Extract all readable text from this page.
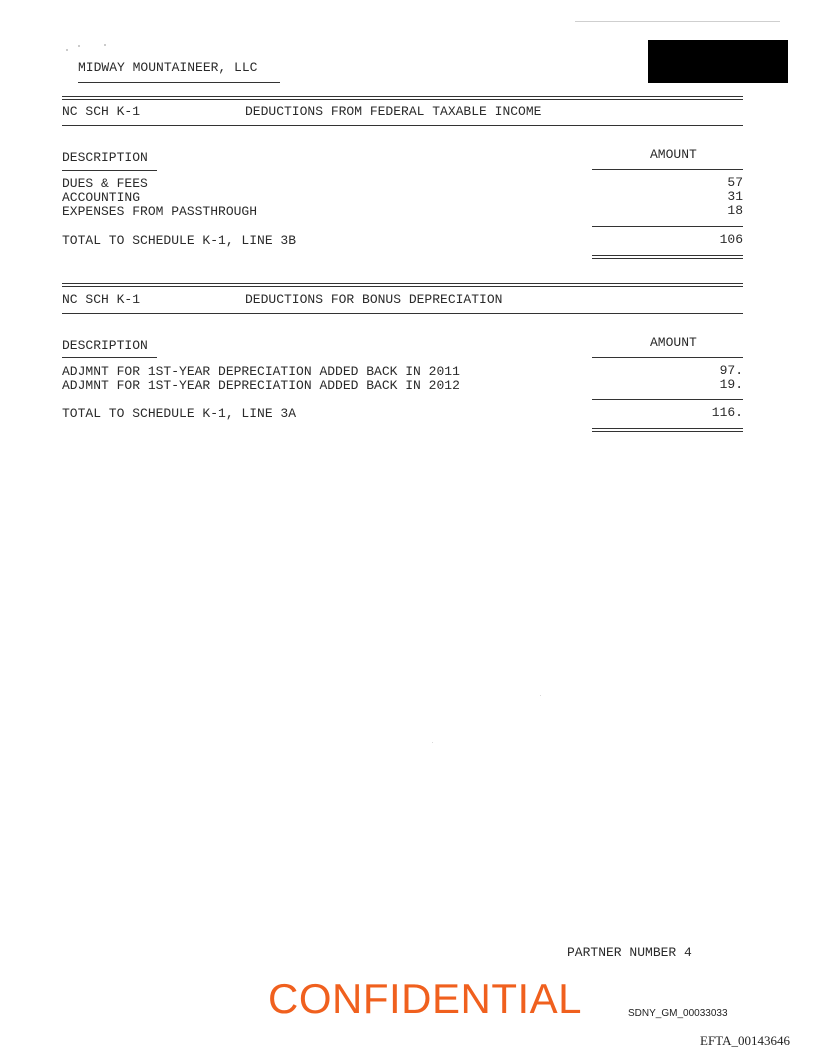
MIDWAY MOUNTAINEER, LLC
NC SCH K-1	DEDUCTIONS FROM FEDERAL TAXABLE INCOME
DESCRIPTION	AMOUNT
DUES & FEES	57
ACCOUNTING	31
EXPENSES FROM PASSTHROUGH	18
TOTAL TO SCHEDULE K-1, LINE 3B	106
NC SCH K-1	DEDUCTIONS FOR BONUS DEPRECIATION
DESCRIPTION	AMOUNT
ADJMNT FOR 1ST-YEAR DEPRECIATION ADDED BACK IN 2011	97.
ADJMNT FOR 1ST-YEAR DEPRECIATION ADDED BACK IN 2012	19.
TOTAL TO SCHEDULE K-1, LINE 3A	116.
PARTNER NUMBER 4
CONFIDENTIAL	SDNY_GM_00033033
EFTA_00143646
